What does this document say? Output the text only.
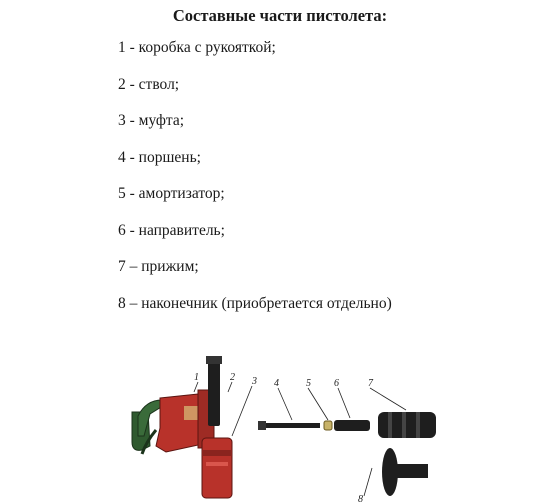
Составные части пистолета:
1 - коробка с рукояткой;
2 - ствол;
3 - муфта;
4 - поршень;
5 - амортизатор;
6 - направитель;
7 – прижим;
8 – наконечник (приобретается отдельно)
1	2 3 4	5 6	7
8
